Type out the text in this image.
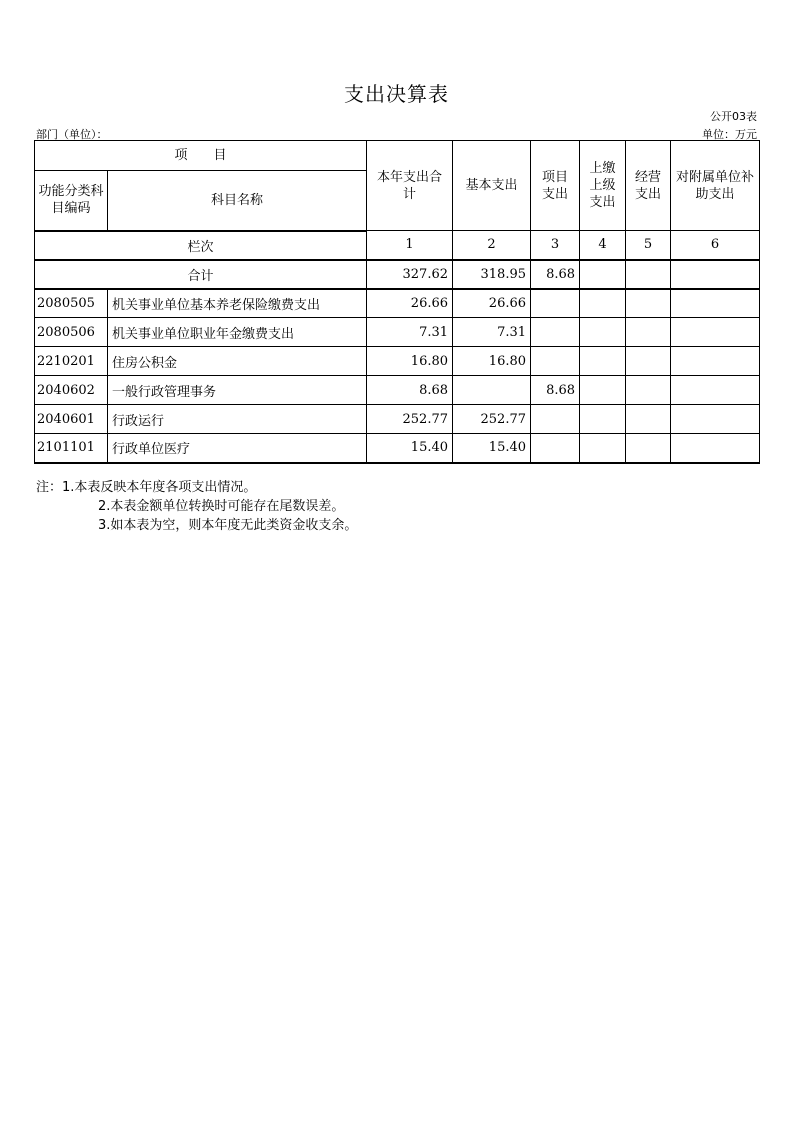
支出决算表
公开03表
部门（单位）：	单位：万元
项　　目		本年支出合计	基本支出	项目支出	上缴上级支出	经营支出	对附属单位补助支出
功能分类科目编码	科目名称						
栏次		1	2	3	4	5	6
合计		327.62	318.95	8.68			
2080505	机关事业单位基本养老保险缴费支出	26.66	26.66				
2080506	机关事业单位职业年金缴费支出	7.31	7.31				
2210201	住房公积金	16.80	16.80				
2040602	一般行政管理事务	8.68		8.68			
2040601	行政运行	252.77	252.77				
2101101	行政单位医疗	15.40	15.40				
注：1.本表反映本年度各项支出情况。
2.本表金额单位转换时可能存在尾数误差。
3.如本表为空，则本年度无此类资金收支余。
